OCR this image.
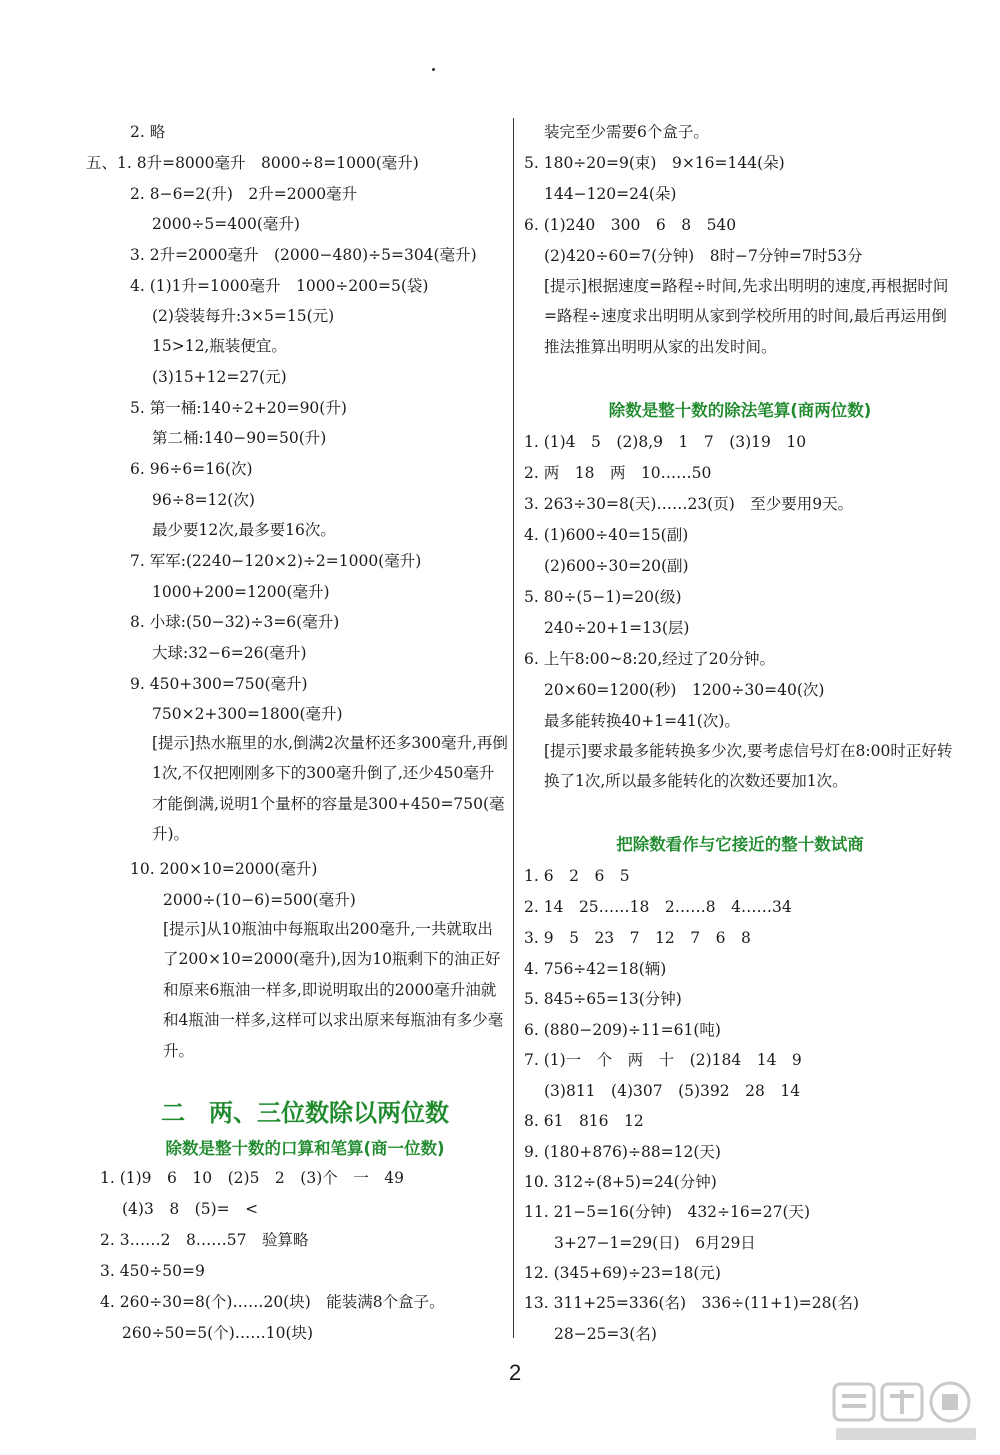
2. 略
五、1. 8升=8000毫升　8000÷8=1000(毫升)
2. 8−6=2(升)　2升=2000毫升
2000÷5=400(毫升)
3. 2升=2000毫升　(2000−480)÷5=304(毫升)
4. (1)1升=1000毫升　1000÷200=5(袋)
(2)袋装每升:3×5=15(元)
15>12,瓶装便宜。
(3)15+12=27(元)
5. 第一桶:140÷2+20=90(升)
第二桶:140−90=50(升)
6. 96÷6=16(次)
96÷8=12(次)
最少要12次,最多要16次。
7. 军军:(2240−120×2)÷2=1000(毫升)
1000+200=1200(毫升)
8. 小球:(50−32)÷3=6(毫升)
大球:32−6=26(毫升)
9. 450+300=750(毫升)
750×2+300=1800(毫升)
[提示]热水瓶里的水,倒满2次量杯还多300毫升,再倒1次,不仅把刚刚多下的300毫升倒了,还少450毫升才能倒满,说明1个量杯的容量是300+450=750(毫升)。
10. 200×10=2000(毫升)
2000÷(10−6)=500(毫升)
[提示]从10瓶油中每瓶取出200毫升,一共就取出了200×10=2000(毫升),因为10瓶剩下的油正好和原来6瓶油一样多,即说明取出的2000毫升油就和4瓶油一样多,这样可以求出原来每瓶油有多少毫升。
二　两、三位数除以两位数
除数是整十数的口算和笔算(商一位数)
1. (1)9　6　10　(2)5　2　(3)个　一　49
(4)3　8　(5)=　<
2. 3……2　8……57　验算略
3. 450÷50=9
4. 260÷30=8(个)……20(块)　能装满8个盒子。
260÷50=5(个)……10(块)
装完至少需要6个盒子。
5. 180÷20=9(束)　9×16=144(朵)
144−120=24(朵)
6. (1)240　300　6　8　540
(2)420÷60=7(分钟)　8时−7分钟=7时53分
[提示]根据速度=路程÷时间,先求出明明的速度,再根据时间=路程÷速度求出明明从家到学校所用的时间,最后再运用倒推法推算出明明从家的出发时间。
除数是整十数的除法笔算(商两位数)
1. (1)4　5　(2)8,9　1　7　(3)19　10
2. 两　18　两　10……50
3. 263÷30=8(天)……23(页)　至少要用9天。
4. (1)600÷40=15(副)
(2)600÷30=20(副)
5. 80÷(5−1)=20(级)
240÷20+1=13(层)
6. 上午8:00~8:20,经过了20分钟。
20×60=1200(秒)　1200÷30=40(次)
最多能转换40+1=41(次)。
[提示]要求最多能转换多少次,要考虑信号灯在8:00时正好转换了1次,所以最多能转化的次数还要加1次。
把除数看作与它接近的整十数试商
1. 6　2　6　5
2. 14　25……18　2……8　4……34
3. 9　5　23　7　12　7　6　8
4. 756÷42=18(辆)
5. 845÷65=13(分钟)
6. (880−209)÷11=61(吨)
7. (1)一　个　两　十　(2)184　14　9
(3)811　(4)307　(5)392　28　14
8. 61　816　12
9. (180+876)÷88=12(天)
10. 312÷(8+5)=24(分钟)
11. 21−5=16(分钟)　432÷16=27(天)
3+27−1=29(日)　6月29日
12. (345+69)÷23=18(元)
13. 311+25=336(名)　336÷(11+1)=28(名)
28−25=3(名)
2
